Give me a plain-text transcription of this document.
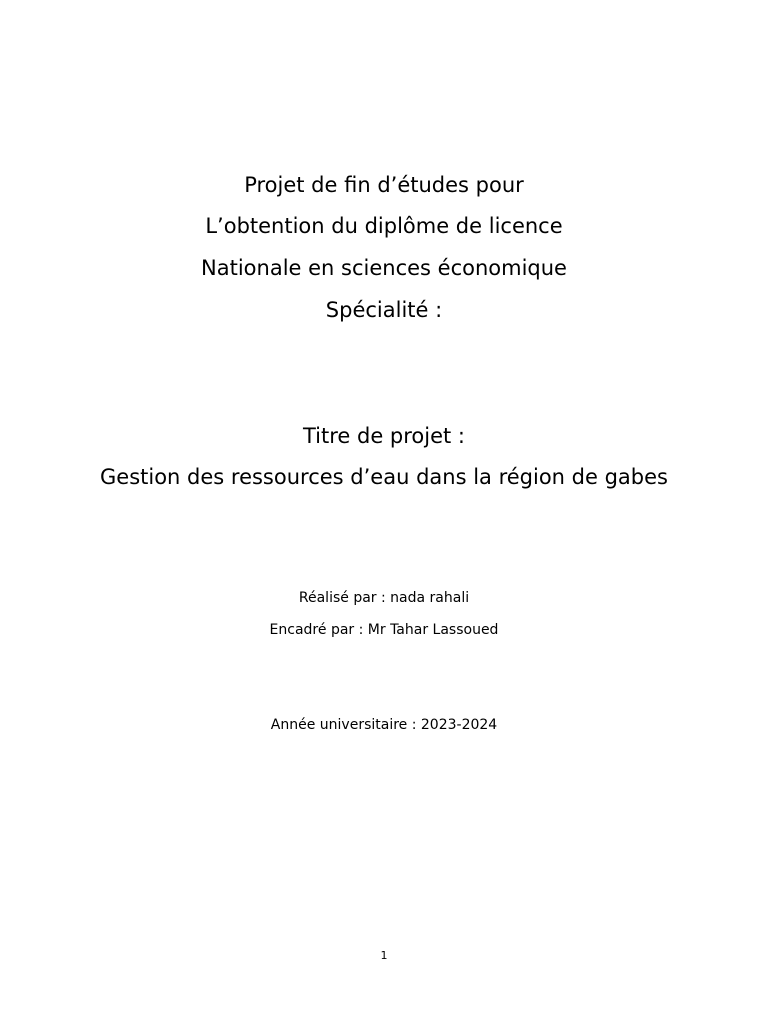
Projet de fin d’études pour
L’obtention du diplôme de licence
Nationale en sciences économique
Spécialité :
Titre de projet :
Gestion des ressources d’eau dans la région de gabes
Réalisé par : nada rahali
Encadré par : Mr Tahar Lassoued
Année universitaire : 2023-2024
1
